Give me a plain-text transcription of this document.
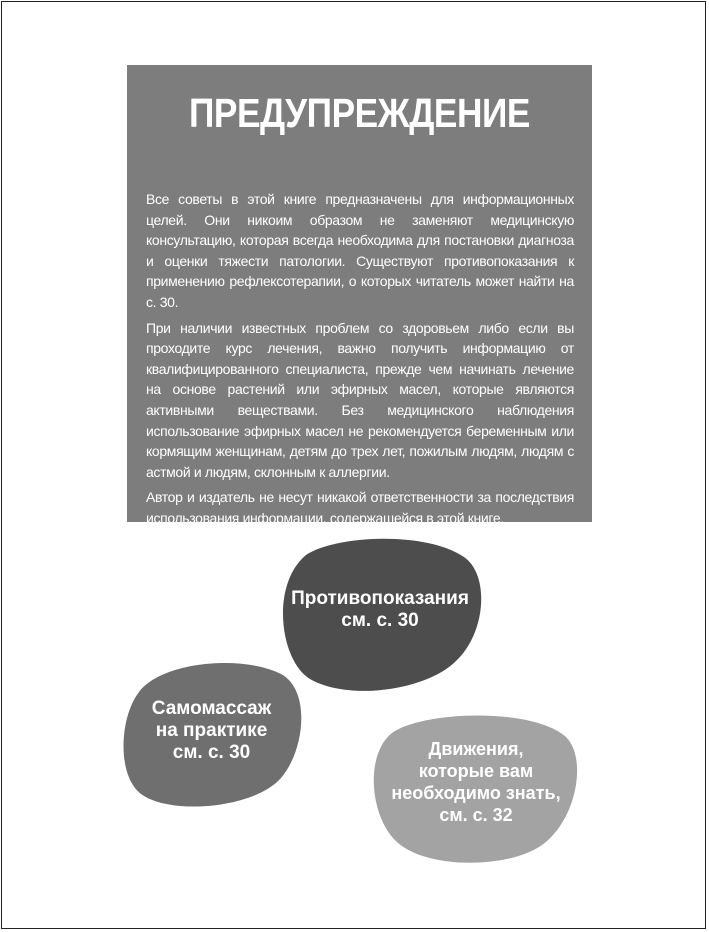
ПРЕДУПРЕЖДЕНИЕ

Все советы в этой книге предназначены для информационных целей. Они никоим образом не заменяют медицинскую консультацию, которая всегда необходима для постановки диагноза и оценки тяжести патологии. Существуют противопоказания к применению рефлексотерапии, о которых читатель может найти на с. 30.

При наличии известных проблем со здоровьем либо если вы проходите курс лечения, важно получить информацию от квалифицированного специалиста, прежде чем начинать лечение на основе растений или эфирных масел, которые являются активными веществами. Без медицинского наблюдения использование эфирных масел не рекомендуется беременным или кормящим женщинам, детям до трех лет, пожилым людям, людям с астмой и людям, склонным к аллергии.

Автор и издатель не несут никакой ответственности за последствия использования информации, содержащейся в этой книге.

Противопоказания
см. с. 30
Самомассаж
на практике
см. с. 30	Движения,
которые вам
необходимо знать,
см. с. 32
